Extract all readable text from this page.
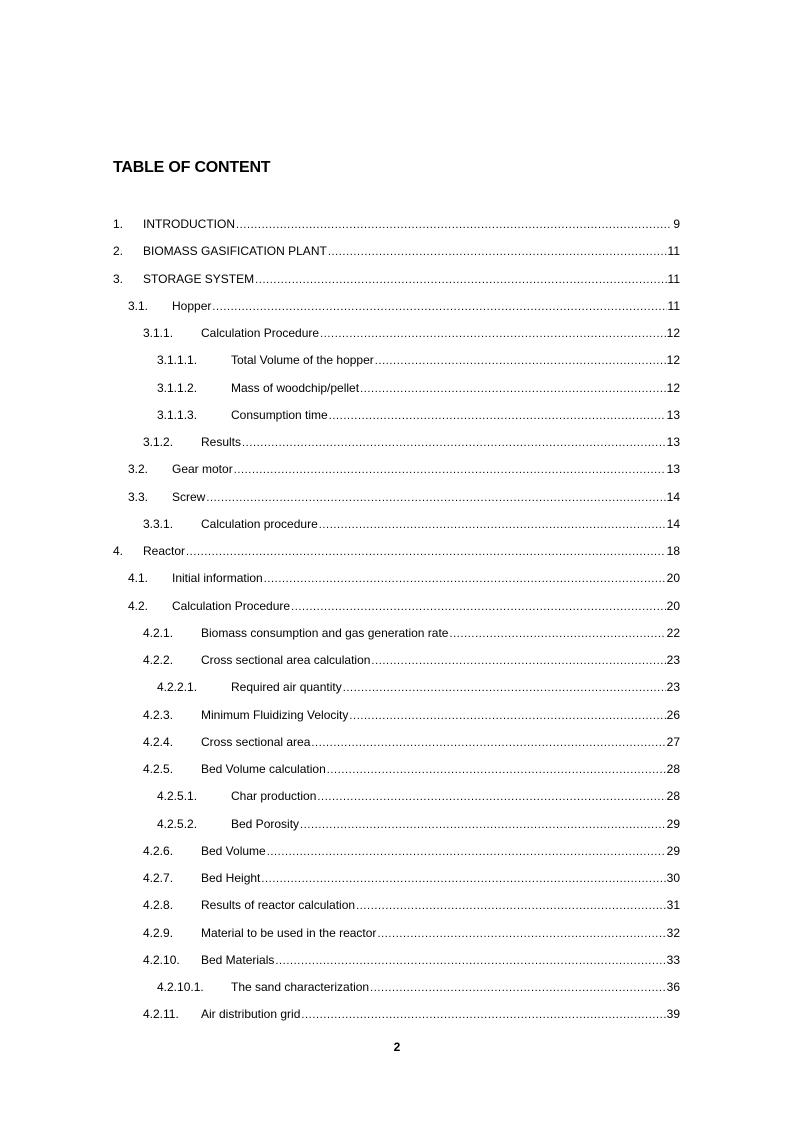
TABLE OF CONTENT
1. INTRODUCTION .....	9
2. BIOMASS GASIFICATION PLANT .....	11
3. STORAGE SYSTEM .....	11
3.1. Hopper .....	11
3.1.1. Calculation Procedure .....	12
3.1.1.1.	Total Volume of the hopper .....	12
3.1.1.2.	Mass of woodchip/pellet .....	12
3.1.1.3.	Consumption time .....	13
3.1.2. Results .....	13
3.2. Gear motor .....	13
3.3. Screw .....	14
3.3.1. Calculation procedure .....	14
4. Reactor .....	18
4.1. Initial information .....	20
4.2. Calculation Procedure .....	20
4.2.1. Biomass consumption and gas generation rate .....	22
4.2.2. Cross sectional area calculation .....	23
4.2.2.1.	Required air quantity .....	23
4.2.3. Minimum Fluidizing Velocity .....	26
4.2.4. Cross sectional area .....	27
4.2.5. Bed Volume calculation .....	28
4.2.5.1.	Char production .....	28
4.2.5.2.	Bed Porosity .....	29
4.2.6. Bed Volume .....	29
4.2.7. Bed Height .....	30
4.2.8. Results of reactor calculation .....	31
4.2.9. Material to be used in the reactor .....	32
4.2.10. Bed Materials .....	33
4.2.10.1. The sand characterization .....	36
4.2.11. Air distribution grid .....	39
2
